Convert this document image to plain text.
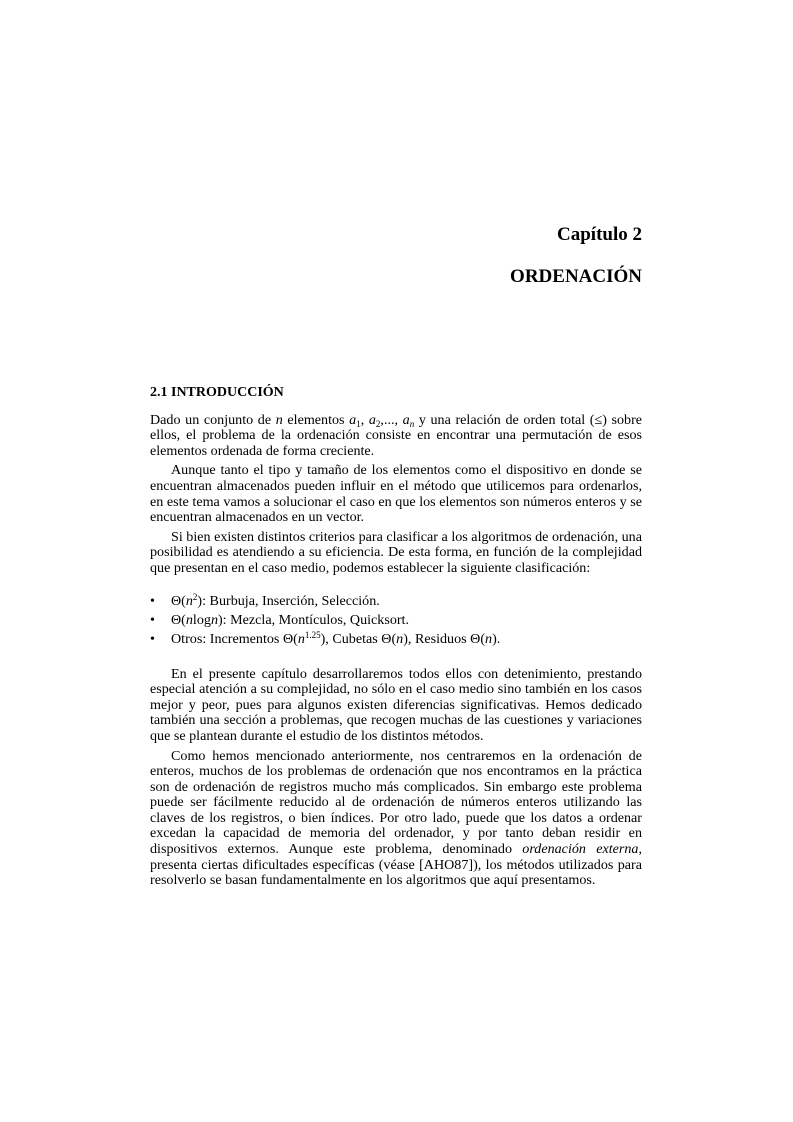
Capítulo 2
ORDENACIÓN
2.1 INTRODUCCIÓN

Dado un conjunto de n elementos $a_1$, $a_2$,..., $a_n$ y una relación de orden total (≤) sobre ellos, el problema de la ordenación consiste en encontrar una permutación de esos elementos ordenada de forma creciente.

Aunque tanto el tipo y tamaño de los elementos como el dispositivo en donde se encuentran almacenados pueden influir en el método que utilicemos para ordenarlos, en este tema vamos a solucionar el caso en que los elementos son números enteros y se encuentran almacenados en un vector.

Si bien existen distintos criterios para clasificar a los algoritmos de ordenación, una posibilidad es atendiendo a su eficiencia. De esta forma, en función de la complejidad que presentan en el caso medio, podemos establecer la siguiente clasificación:

• $\Theta(n^2)$: Burbuja, Inserción, Selección.
• Θ(nlogn): Mezcla, Montículos, Quicksort.
• Otros: Incrementos $\Theta(n^{1.25})$, Cubetas Θ(n), Residuos Θ(n).

En el presente capítulo desarrollaremos todos ellos con detenimiento, prestando especial atención a su complejidad, no sólo en el caso medio sino también en los casos mejor y peor, pues para algunos existen diferencias significativas. Hemos dedicado también una sección a problemas, que recogen muchas de las cuestiones y variaciones que se plantean durante el estudio de los distintos métodos.

Como hemos mencionado anteriormente, nos centraremos en la ordenación de enteros, muchos de los problemas de ordenación que nos encontramos en la práctica son de ordenación de registros mucho más complicados. Sin embargo este problema puede ser fácilmente reducido al de ordenación de números enteros utilizando las claves de los registros, o bien índices. Por otro lado, puede que los datos a ordenar excedan la capacidad de memoria del ordenador, y por tanto deban residir en dispositivos externos. Aunque este problema, denominado ordenación externa, presenta ciertas dificultades específicas (véase [AHO87]), los métodos utilizados para resolverlo se basan fundamentalmente en los algoritmos que aquí presentamos.
